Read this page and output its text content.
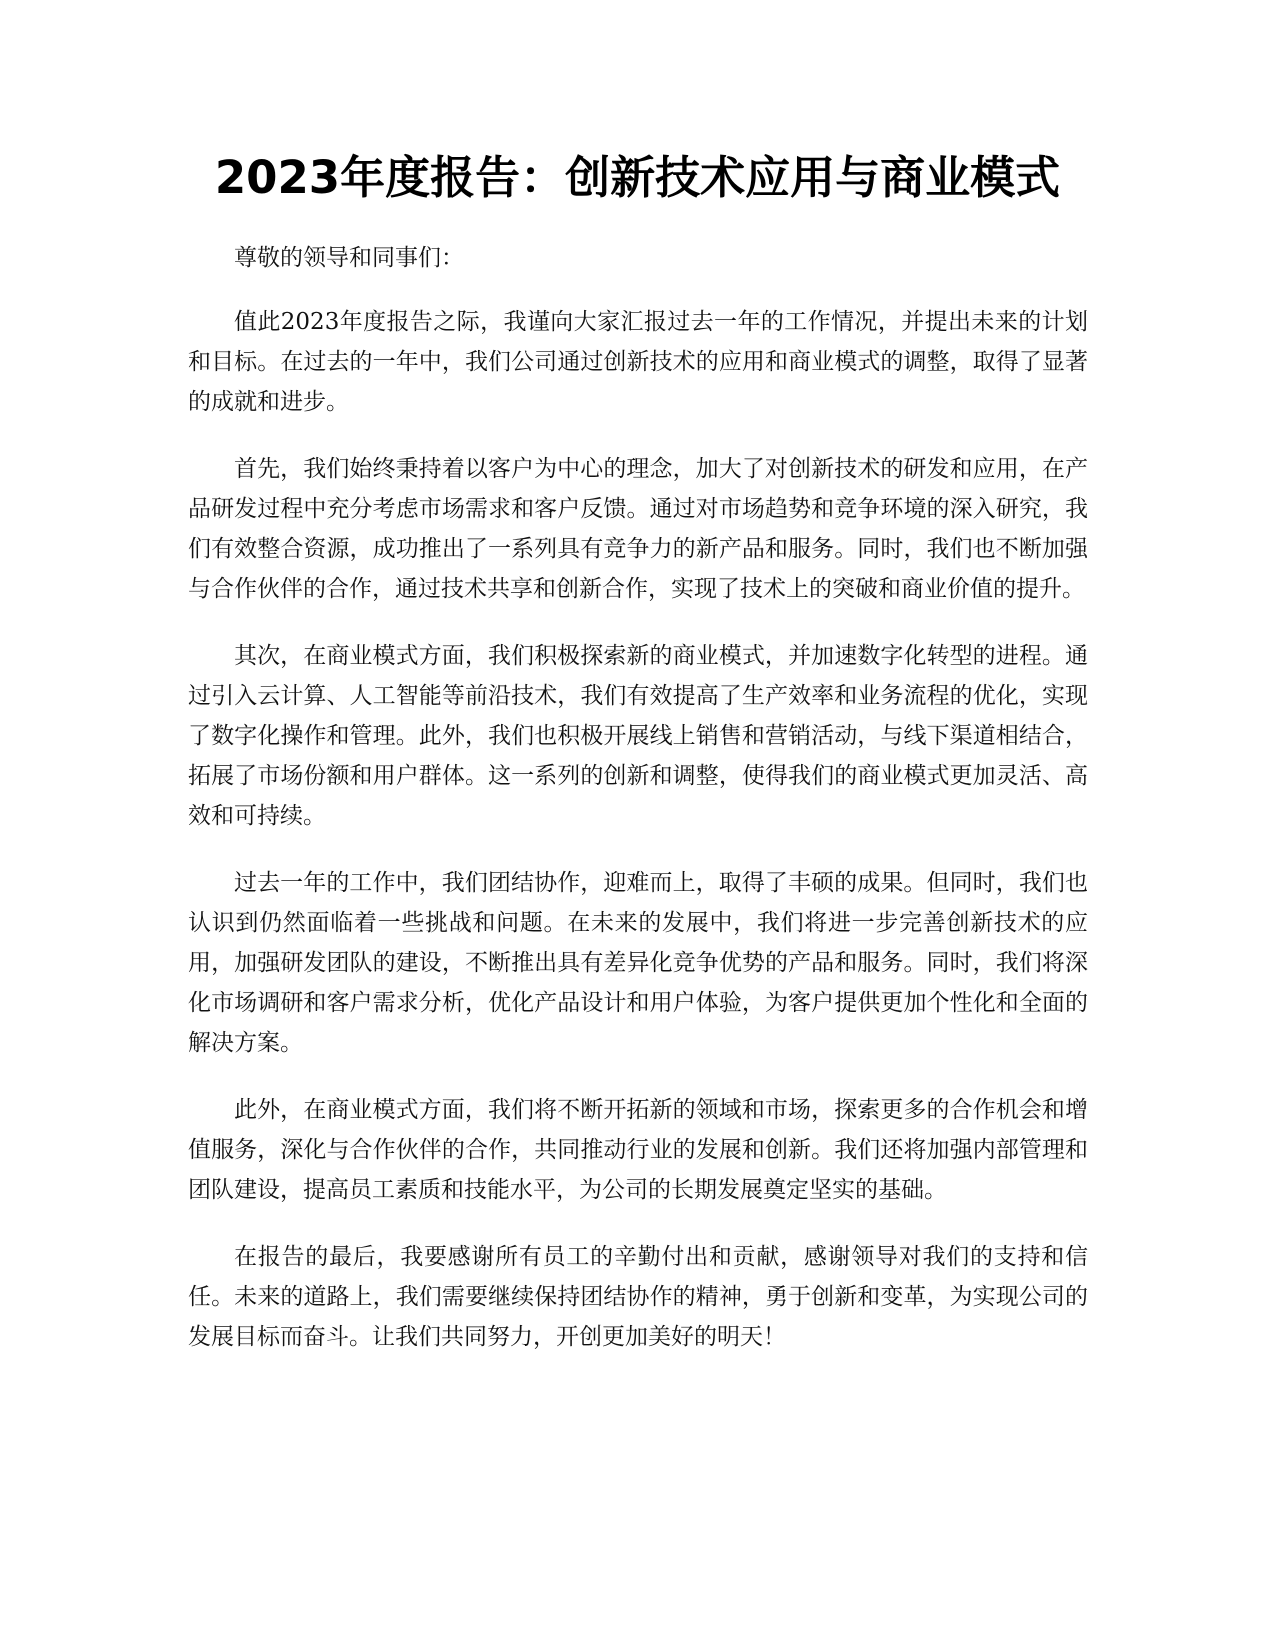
2023年度报告：创新技术应用与商业模式

尊敬的领导和同事们：

值此2023年度报告之际，我谨向大家汇报过去一年的工作情况，并提出未来的计划和目标。在过去的一年中，我们公司通过创新技术的应用和商业模式的调整，取得了显著的成就和进步。

首先，我们始终秉持着以客户为中心的理念，加大了对创新技术的研发和应用，在产品研发过程中充分考虑市场需求和客户反馈。通过对市场趋势和竞争环境的深入研究，我们有效整合资源，成功推出了一系列具有竞争力的新产品和服务。同时，我们也不断加强与合作伙伴的合作，通过技术共享和创新合作，实现了技术上的突破和商业价值的提升。

其次，在商业模式方面，我们积极探索新的商业模式，并加速数字化转型的进程。通过引入云计算、人工智能等前沿技术，我们有效提高了生产效率和业务流程的优化，实现了数字化操作和管理。此外，我们也积极开展线上销售和营销活动，与线下渠道相结合，拓展了市场份额和用户群体。这一系列的创新和调整，使得我们的商业模式更加灵活、高效和可持续。

过去一年的工作中，我们团结协作，迎难而上，取得了丰硕的成果。但同时，我们也认识到仍然面临着一些挑战和问题。在未来的发展中，我们将进一步完善创新技术的应用，加强研发团队的建设，不断推出具有差异化竞争优势的产品和服务。同时，我们将深化市场调研和客户需求分析，优化产品设计和用户体验，为客户提供更加个性化和全面的解决方案。

此外，在商业模式方面，我们将不断开拓新的领域和市场，探索更多的合作机会和增值服务，深化与合作伙伴的合作，共同推动行业的发展和创新。我们还将加强内部管理和团队建设，提高员工素质和技能水平，为公司的长期发展奠定坚实的基础。

在报告的最后，我要感谢所有员工的辛勤付出和贡献，感谢领导对我们的支持和信任。未来的道路上，我们需要继续保持团结协作的精神，勇于创新和变革，为实现公司的发展目标而奋斗。让我们共同努力，开创更加美好的明天！
